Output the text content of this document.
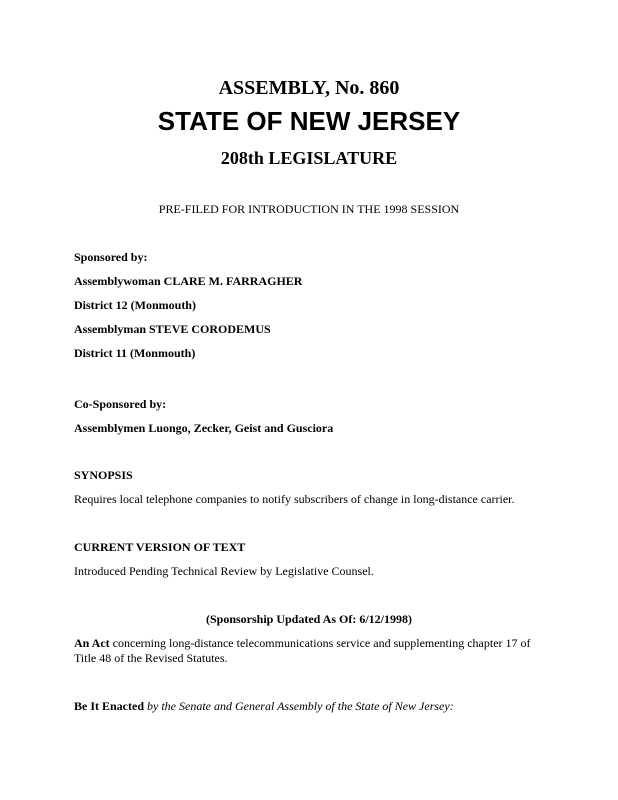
ASSEMBLY, No. 860
STATE OF NEW JERSEY
208th LEGISLATURE
PRE-FILED FOR INTRODUCTION IN THE 1998 SESSION
Sponsored by:
Assemblywoman CLARE M. FARRAGHER
District 12 (Monmouth)
Assemblyman STEVE CORODEMUS
District 11 (Monmouth)
Co-Sponsored by:
Assemblymen Luongo, Zecker, Geist and Gusciora
SYNOPSIS
Requires local telephone companies to notify subscribers of change in long-distance carrier.
CURRENT VERSION OF TEXT
Introduced Pending Technical Review by Legislative Counsel.
(Sponsorship Updated As Of: 6/12/1998)
An Act concerning long-distance telecommunications service and supplementing chapter 17 of
Title 48 of the Revised Statutes.
Be It Enacted by the Senate and General Assembly of the State of New Jersey:
